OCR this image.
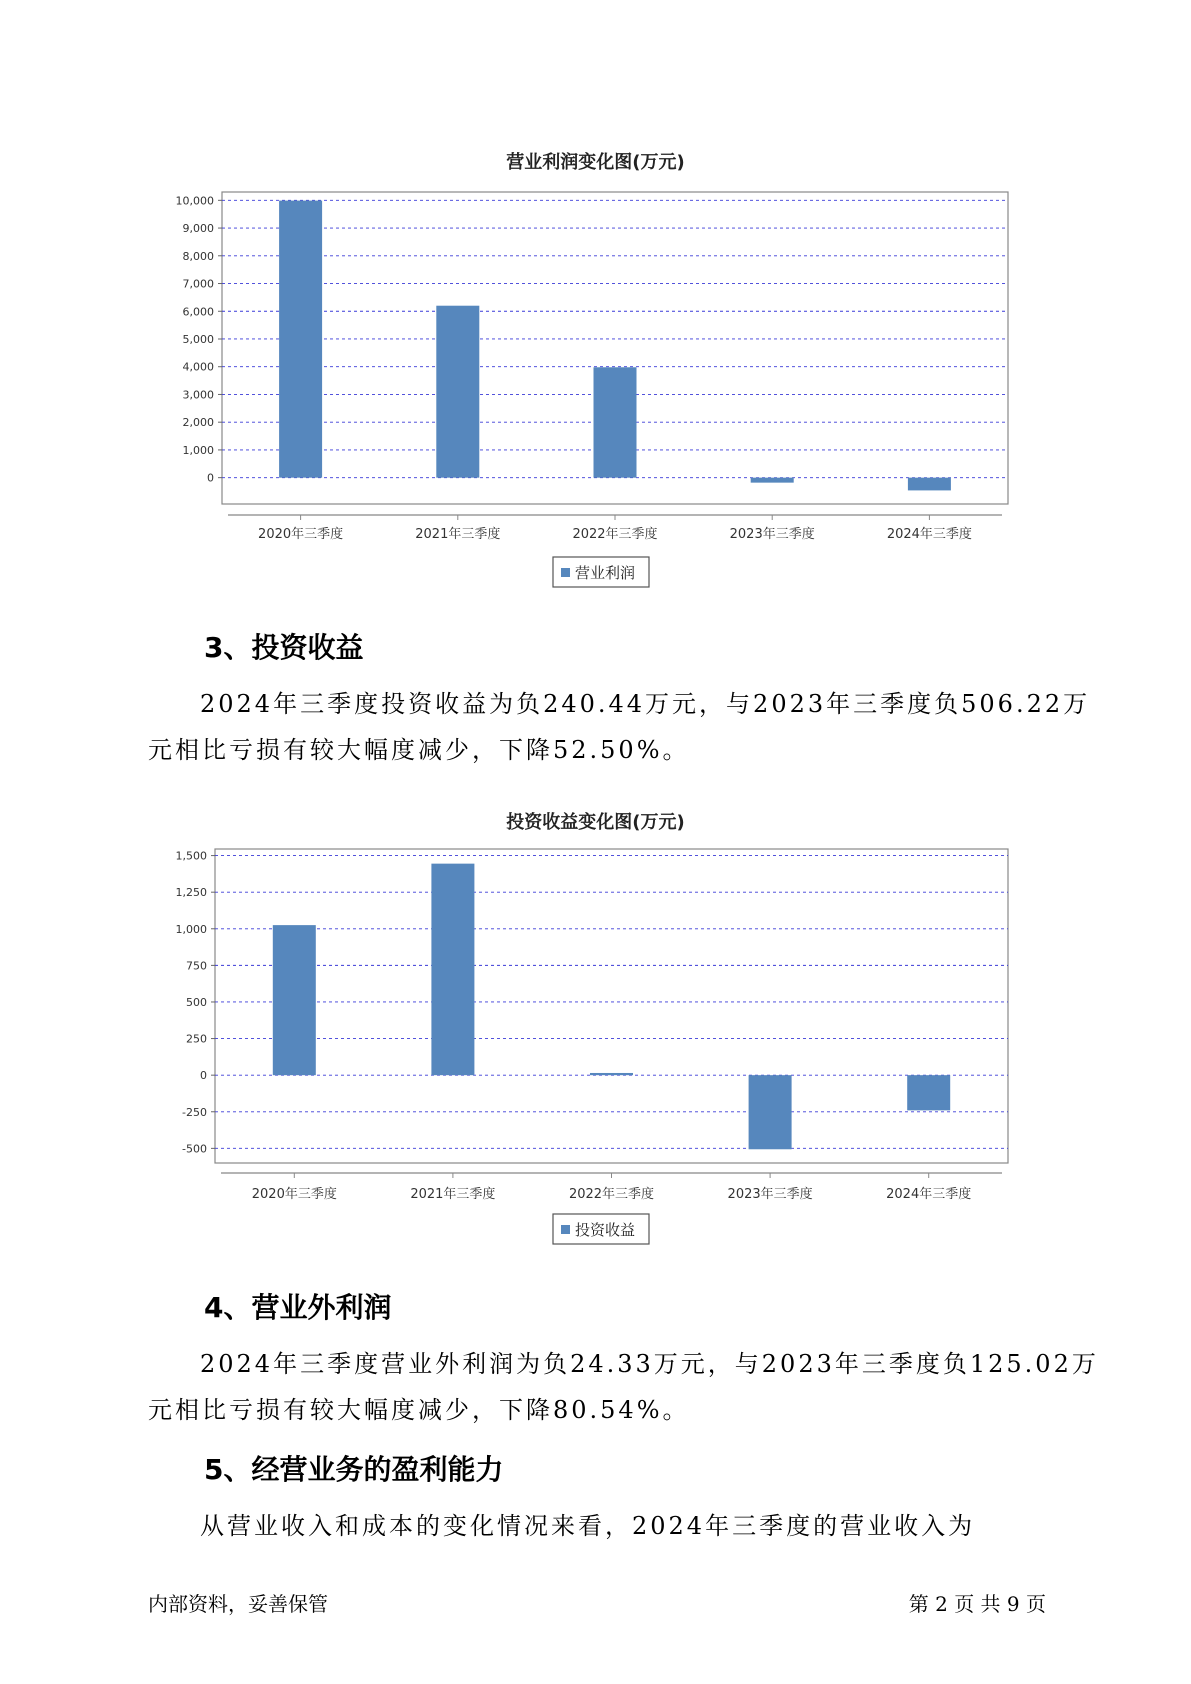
营业利润变化图(万元)
0
1,000
2,000
3,000
4,000
5,000
6,000
7,000
8,000
9,000
10,000
2020年三季度	2021年三季度	2022年三季度	2023年三季度	2024年三季度
营业利润
3、投资收益
2024年三季度投资收益为负240.44万元，与2023年三季度负506.22万
元相比亏损有较大幅度减少，下降52.50%。
投资收益变化图(万元)
-500
-250
0
250
500
750
1,000
1,250
1,500
2020年三季度	2021年三季度	2022年三季度	2023年三季度	2024年三季度
投资收益
4、营业外利润
2024年三季度营业外利润为负24.33万元，与2023年三季度负125.02万
元相比亏损有较大幅度减少，下降80.54%。
5、经营业务的盈利能力
从营业收入和成本的变化情况来看，2024年三季度的营业收入为
内部资料，妥善保管	第 2 页 共 9 页
